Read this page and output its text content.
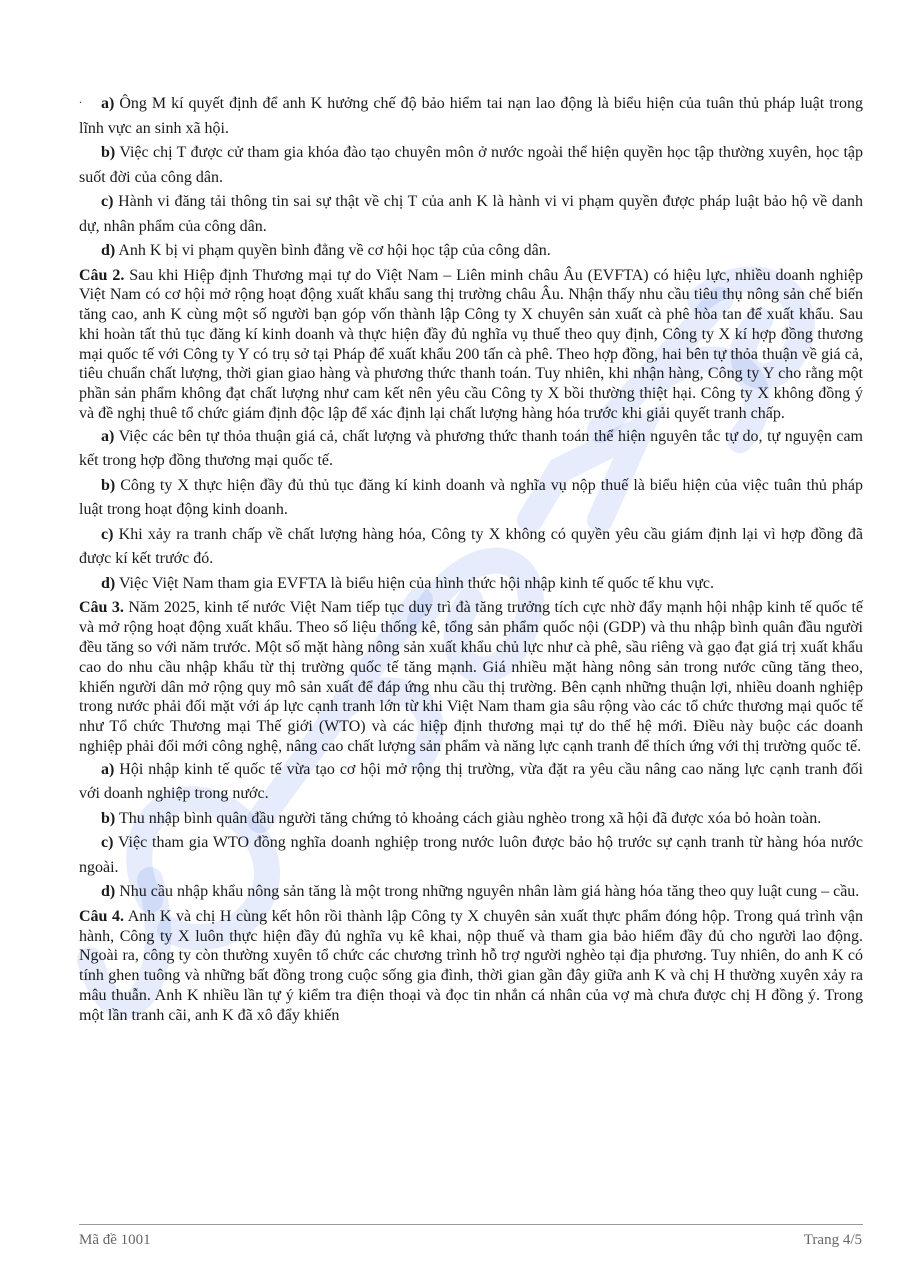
.	a) Ông M kí quyết định để anh K hưởng chế độ bảo hiểm tai nạn lao động là biểu hiện của tuân thủ pháp luật trong lĩnh vực an sinh xã hội.

b) Việc chị T được cử tham gia khóa đào tạo chuyên môn ở nước ngoài thể hiện quyền học tập thường xuyên, học tập suốt đời của công dân.

c) Hành vi đăng tải thông tin sai sự thật về chị T của anh K là hành vi vi phạm quyền được pháp luật bảo hộ về danh dự, nhân phẩm của công dân.

d) Anh K bị vi phạm quyền bình đẳng về cơ hội học tập của công dân.

Câu 2. Sau khi Hiệp định Thương mại tự do Việt Nam – Liên minh châu Âu (EVFTA) có hiệu lực, nhiều doanh nghiệp Việt Nam có cơ hội mở rộng hoạt động xuất khẩu sang thị trường châu Âu. Nhận thấy nhu cầu tiêu thụ nông sản chế biến tăng cao, anh K cùng một số người bạn góp vốn thành lập Công ty X chuyên sản xuất cà phê hòa tan để xuất khẩu. Sau khi hoàn tất thủ tục đăng kí kinh doanh và thực hiện đầy đủ nghĩa vụ thuế theo quy định, Công ty X kí hợp đồng thương mại quốc tế với Công ty Y có trụ sở tại Pháp để xuất khẩu 200 tấn cà phê. Theo hợp đồng, hai bên tự thỏa thuận về giá cả, tiêu chuẩn chất lượng, thời gian giao hàng và phương thức thanh toán. Tuy nhiên, khi nhận hàng, Công ty Y cho rằng một phần sản phẩm không đạt chất lượng như cam kết nên yêu cầu Công ty X bồi thường thiệt hại. Công ty X không đồng ý và đề nghị thuê tổ chức giám định độc lập để xác định lại chất lượng hàng hóa trước khi giải quyết tranh chấp.

a) Việc các bên tự thỏa thuận giá cả, chất lượng và phương thức thanh toán thể hiện nguyên tắc tự do, tự nguyện cam kết trong hợp đồng thương mại quốc tế.

b) Công ty X thực hiện đầy đủ thủ tục đăng kí kinh doanh và nghĩa vụ nộp thuế là biểu hiện của việc tuân thủ pháp luật trong hoạt động kinh doanh.

c) Khi xảy ra tranh chấp về chất lượng hàng hóa, Công ty X không có quyền yêu cầu giám định lại vì hợp đồng đã được kí kết trước đó.

d) Việc Việt Nam tham gia EVFTA là biểu hiện của hình thức hội nhập kinh tế quốc tế khu vực.

Câu 3. Năm 2025, kinh tế nước Việt Nam tiếp tục duy trì đà tăng trưởng tích cực nhờ đẩy mạnh hội nhập kinh tế quốc tế và mở rộng hoạt động xuất khẩu. Theo số liệu thống kê, tổng sản phẩm quốc nội (GDP) và thu nhập bình quân đầu người đều tăng so với năm trước. Một số mặt hàng nông sản xuất khẩu chủ lực như cà phê, sầu riêng và gạo đạt giá trị xuất khẩu cao do nhu cầu nhập khẩu từ thị trường quốc tế tăng mạnh. Giá nhiều mặt hàng nông sản trong nước cũng tăng theo, khiến người dân mở rộng quy mô sản xuất để đáp ứng nhu cầu thị trường. Bên cạnh những thuận lợi, nhiều doanh nghiệp trong nước phải đối mặt với áp lực cạnh tranh lớn từ khi Việt Nam tham gia sâu rộng vào các tổ chức thương mại quốc tế như Tổ chức Thương mại Thế giới (WTO) và các hiệp định thương mại tự do thế hệ mới. Điều này buộc các doanh nghiệp phải đổi mới công nghệ, nâng cao chất lượng sản phẩm và năng lực cạnh tranh để thích ứng với thị trường quốc tế.

a) Hội nhập kinh tế quốc tế vừa tạo cơ hội mở rộng thị trường, vừa đặt ra yêu cầu nâng cao năng lực cạnh tranh đối với doanh nghiệp trong nước.

b) Thu nhập bình quân đầu người tăng chứng tỏ khoảng cách giàu nghèo trong xã hội đã được xóa bỏ hoàn toàn.

c) Việc tham gia WTO đồng nghĩa doanh nghiệp trong nước luôn được bảo hộ trước sự cạnh tranh từ hàng hóa nước ngoài.

d) Nhu cầu nhập khẩu nông sản tăng là một trong những nguyên nhân làm giá hàng hóa tăng theo quy luật cung – cầu.

Câu 4. Anh K và chị H cùng kết hôn rồi thành lập Công ty X chuyên sản xuất thực phẩm đóng hộp. Trong quá trình vận hành, Công ty X luôn thực hiện đầy đủ nghĩa vụ kê khai, nộp thuế và tham gia bảo hiểm đầy đủ cho người lao động. Ngoài ra, công ty còn thường xuyên tổ chức các chương trình hỗ trợ người nghèo tại địa phương. Tuy nhiên, do anh K có tính ghen tuông và những bất đồng trong cuộc sống gia đình, thời gian gần đây giữa anh K và chị H thường xuyên xảy ra mâu thuẫn. Anh K nhiều lần tự ý kiểm tra điện thoại và đọc tin nhắn cá nhân của vợ mà chưa được chị H đồng ý. Trong một lần tranh cãi, anh K đã xô đẩy khiến

Mã đề 1001	Trang 4/5
